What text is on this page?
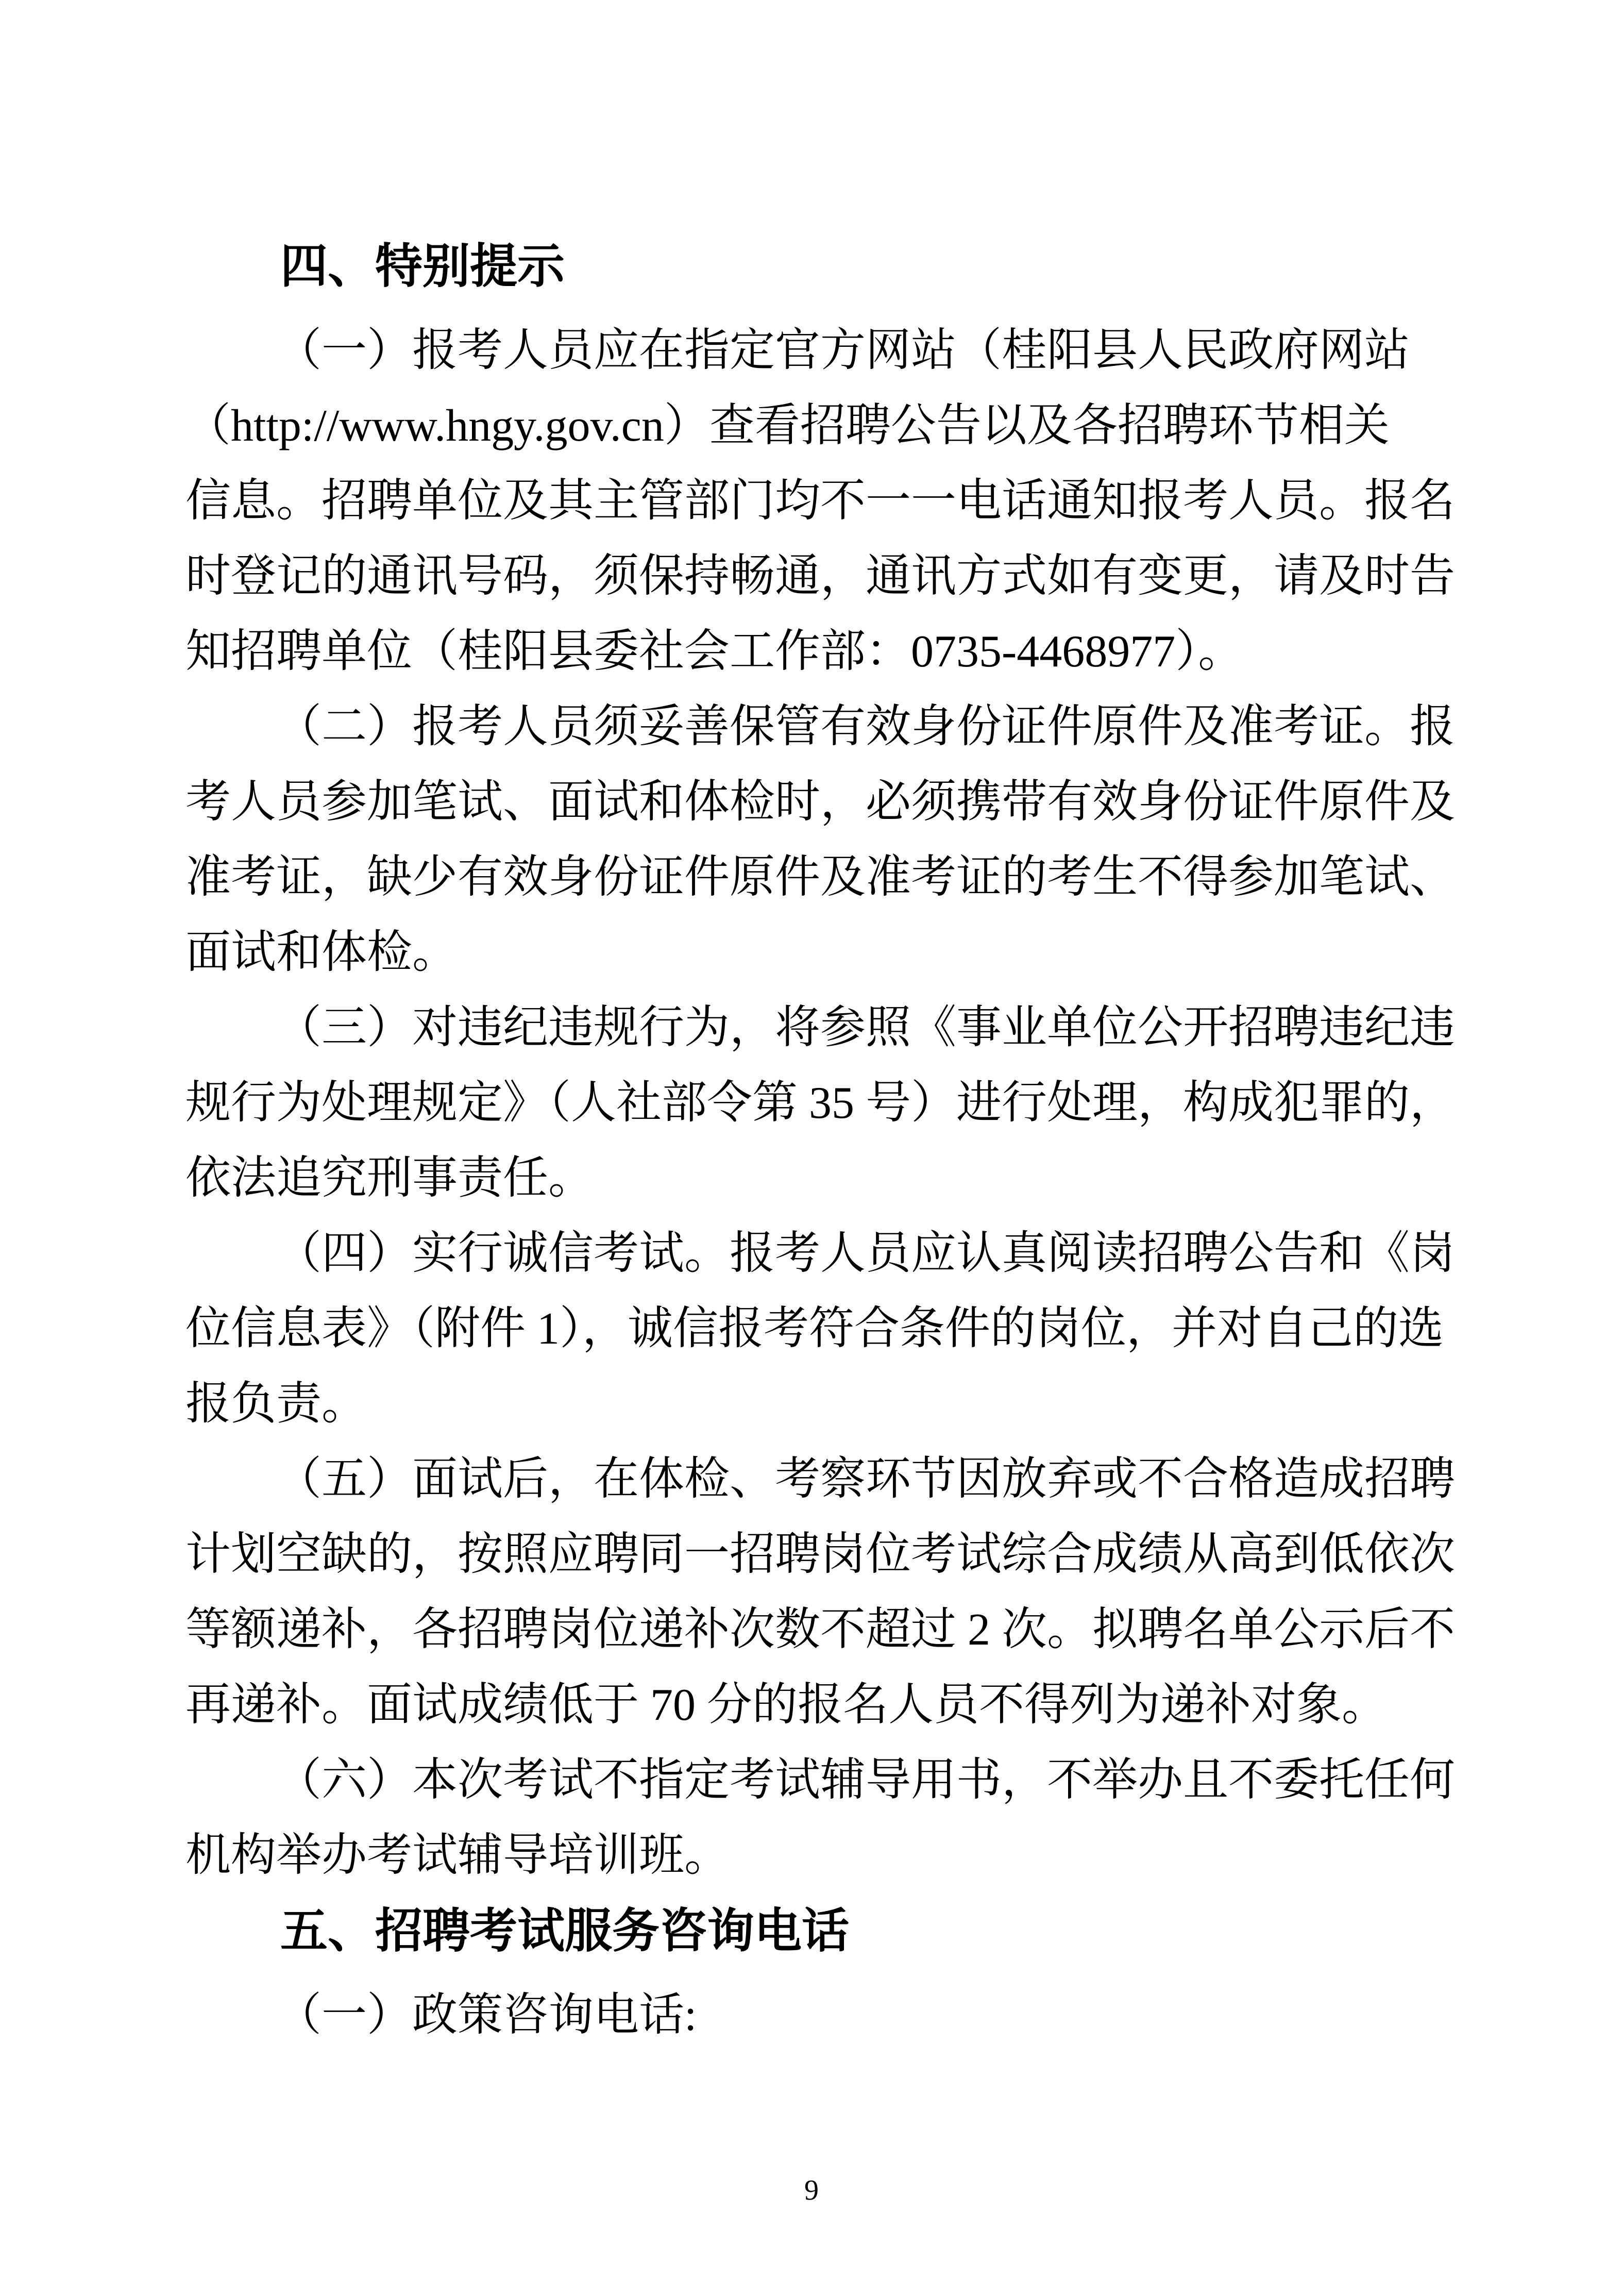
四、特别提示
（一）报考人员应在指定官方网站（桂阳县人民政府网站
（http://www.hngy.gov.cn）查看招聘公告以及各招聘环节相关
信息。招聘单位及其主管部门均不一一电话通知报考人员。报名
时登记的通讯号码，须保持畅通，通讯方式如有变更，请及时告
知招聘单位（桂阳县委社会工作部：0735-4468977）。
（二）报考人员须妥善保管有效身份证件原件及准考证。报
考人员参加笔试、面试和体检时，必须携带有效身份证件原件及
准考证，缺少有效身份证件原件及准考证的考生不得参加笔试、
面试和体检。
（三）对违纪违规行为，将参照《事业单位公开招聘违纪违
规行为处理规定》（人社部令第 35 号）进行处理，构成犯罪的，
依法追究刑事责任。
（四）实行诚信考试。报考人员应认真阅读招聘公告和《岗
位信息表》（附件 1），诚信报考符合条件的岗位，并对自己的选
报负责。
（五）面试后，在体检、考察环节因放弃或不合格造成招聘
计划空缺的，按照应聘同一招聘岗位考试综合成绩从高到低依次
等额递补，各招聘岗位递补次数不超过 2 次。拟聘名单公示后不
再递补。面试成绩低于 70 分的报名人员不得列为递补对象。
（六）本次考试不指定考试辅导用书，不举办且不委托任何
机构举办考试辅导培训班。
五、招聘考试服务咨询电话
（一）政策咨询电话:
9
